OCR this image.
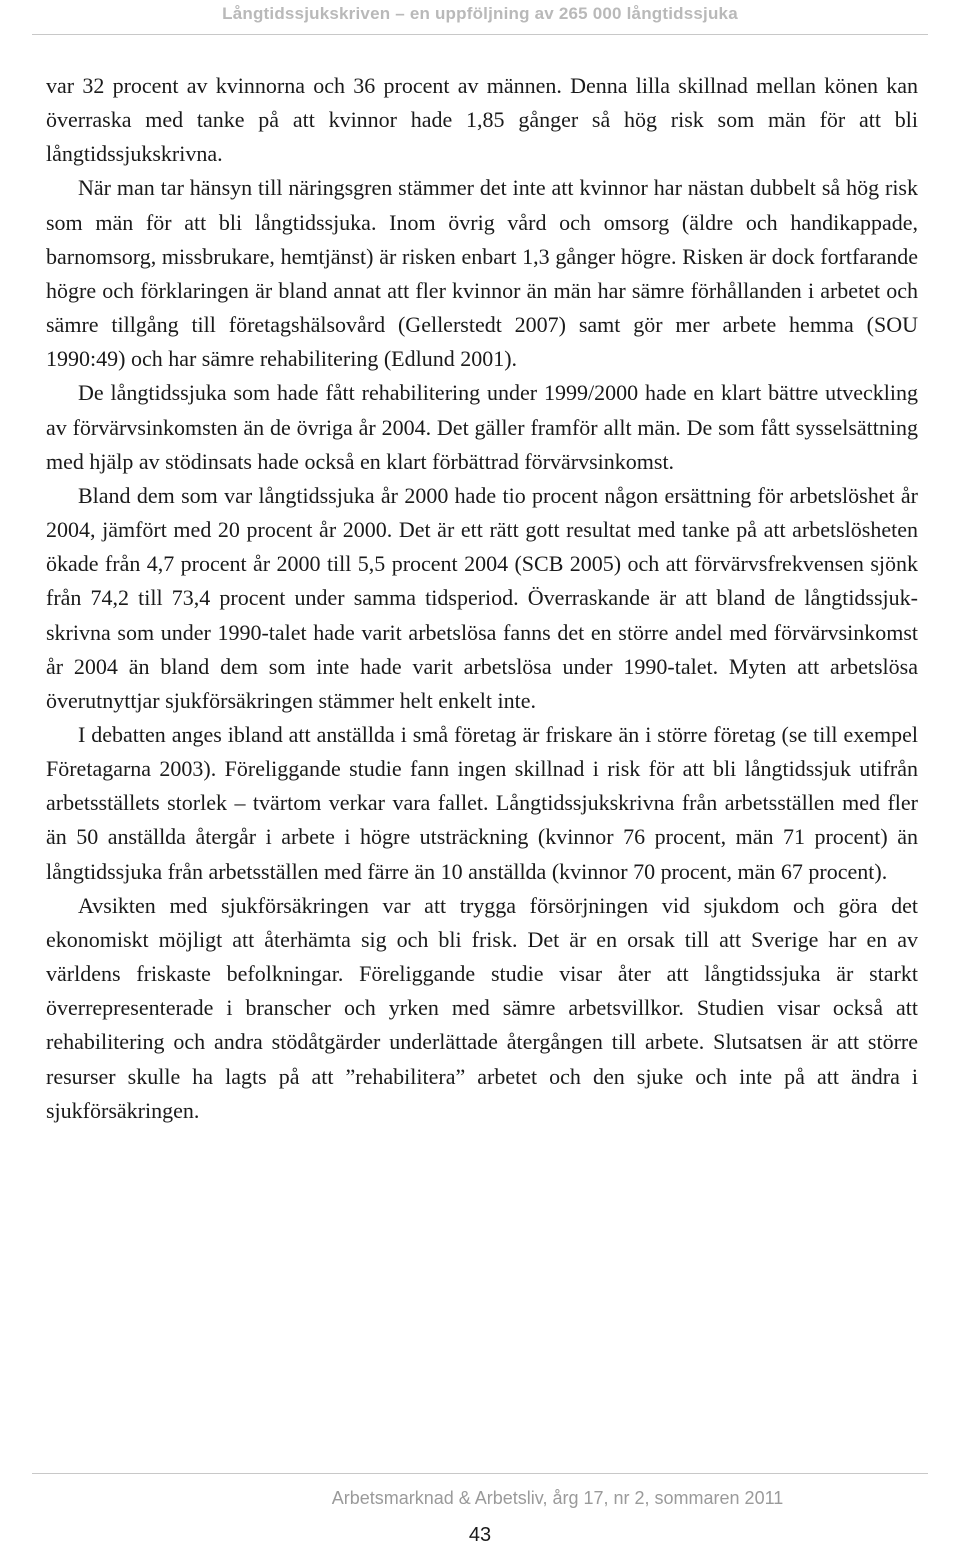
Långtidssjukskriven – en uppföljning av 265 000 långtidssjuka

var 32 procent av kvinnorna och 36 procent av männen. Denna lilla skillnad mellan könen kan överraska med tanke på att kvinnor hade 1,85 gånger så hög risk som män för att bli långtidssjukskrivna.

När man tar hänsyn till näringsgren stämmer det inte att kvinnor har nästan dubbelt så hög risk som män för att bli långtidssjuka. Inom övrig vård och omsorg (äldre och handikappade, barnomsorg, missbrukare, hemtjänst) är risken enbart 1,3 gånger högre. Risken är dock fortfarande högre och förklaringen är bland annat att fler kvinnor än män har sämre förhållanden i arbetet och sämre tillgång till företagshälsovård (Gellerstedt 2007) samt gör mer arbete hemma (SOU 1990:49) och har sämre rehabilitering (Edlund 2001).

De långtidssjuka som hade fått rehabilitering under 1999/2000 hade en klart bättre utveckling av förvärvsinkomsten än de övriga år 2004. Det gäller framför allt män. De som fått sysselsättning med hjälp av stödinsats hade också en klart förbättrad förvärvsinkomst.

Bland dem som var långtidssjuka år 2000 hade tio procent någon ersättning för arbetslöshet år 2004, jämfört med 20 procent år 2000. Det är ett rätt gott resultat med tanke på att arbetslösheten ökade från 4,7 procent år 2000 till 5,5 procent 2004 (SCB 2005) och att förvärvsfrekvensen sjönk från 74,2 till 73,4 procent under samma tidsperiod. Överraskande är att bland de långtidssjukskrivna som under 1990-talet hade varit arbetslösa fanns det en större andel med förvärvsinkomst år 2004 än bland dem som inte hade varit arbetslösa under 1990-talet. Myten att arbetslösa överutnyttjar sjukförsäkringen stämmer helt enkelt inte.

I debatten anges ibland att anställda i små företag är friskare än i större företag (se till exempel Företagarna 2003). Föreliggande studie fann ingen skillnad i risk för att bli långtidssjuk utifrån arbetsställets storlek – tvärtom verkar vara fallet. Långtidssjukskrivna från arbetsställen med fler än 50 anställda återgår i arbete i högre utsträckning (kvinnor 76 procent, män 71 procent) än långtidssjuka från arbetsställen med färre än 10 anställda (kvinnor 70 procent, män 67 procent).

Avsikten med sjukförsäkringen var att trygga försörjningen vid sjukdom och göra det ekonomiskt möjligt att återhämta sig och bli frisk. Det är en orsak till att Sverige har en av världens friskaste befolkningar. Föreliggande studie visar åter att långtidssjuka är starkt överrepresenterade i branscher och yrken med sämre arbetsvillkor. Studien visar också att rehabilitering och andra stödåtgärder underlättade återgången till arbete. Slutsatsen är att större resurser skulle ha lagts på att ”rehabilitera” arbetet och den sjuke och inte på att ändra i sjukförsäkringen.

Arbetsmarknad & Arbetsliv, årg 17, nr 2, sommaren 2011
43
